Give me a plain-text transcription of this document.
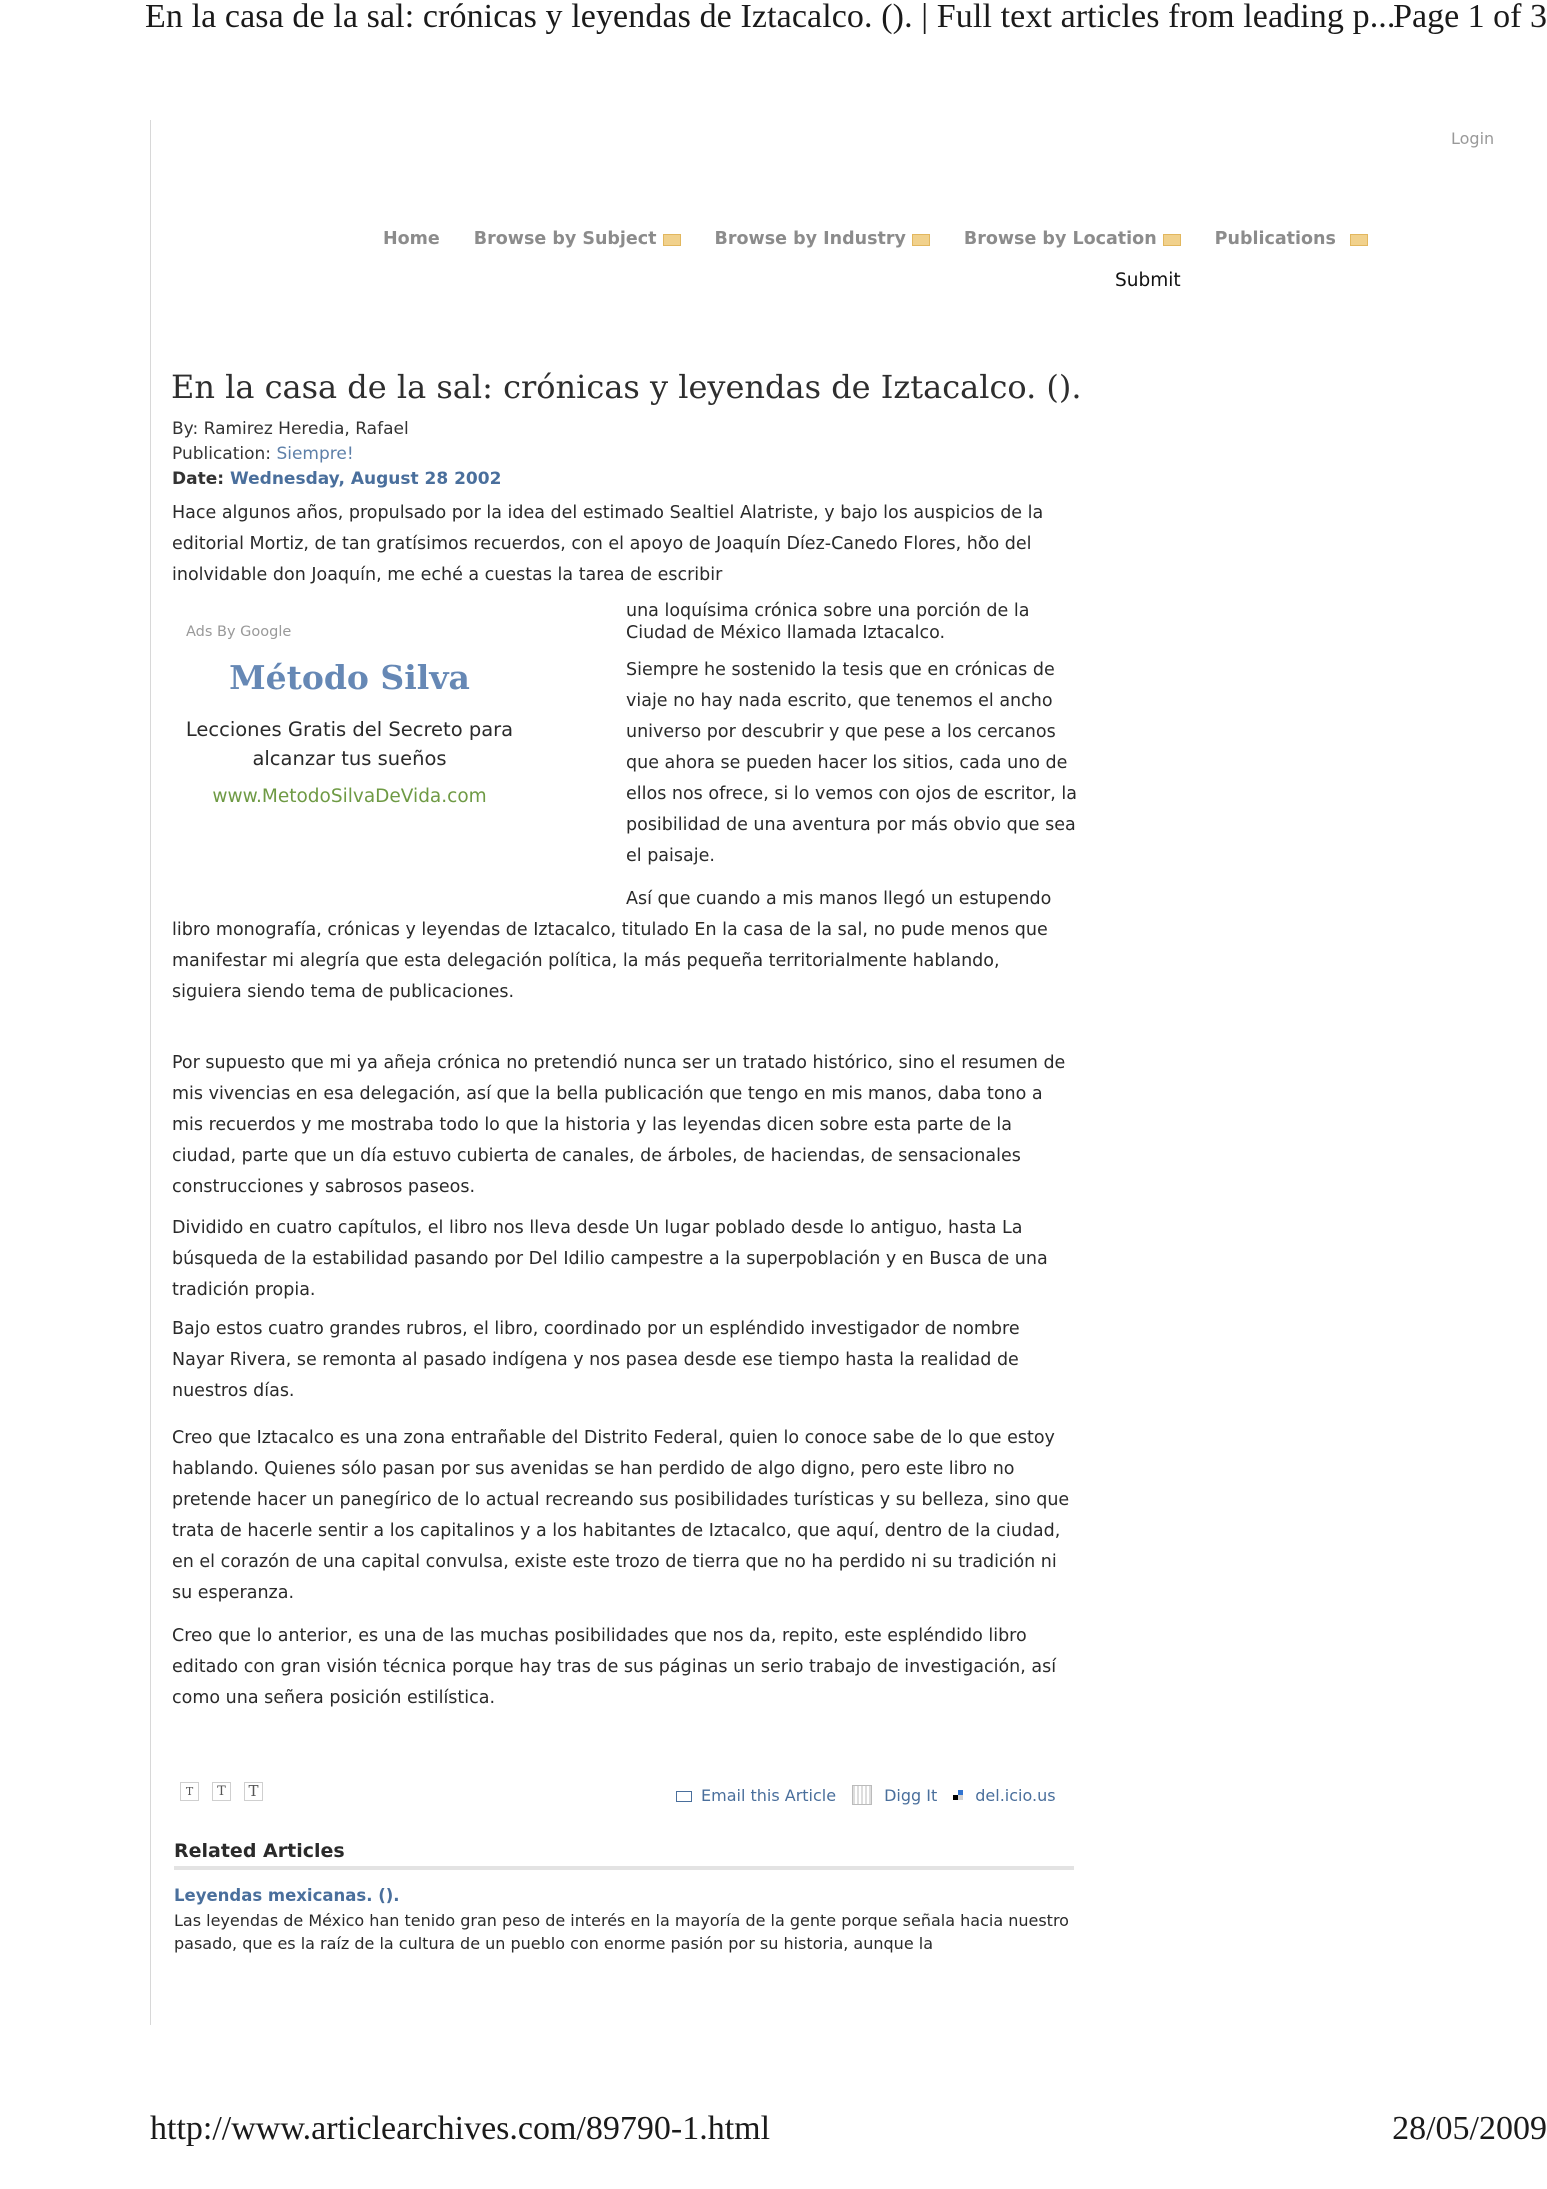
En la casa de la sal: crónicas y leyendas de Iztacalco. (). | Full text articles from leading p...
Page 1 of 3
Login
Home Browse by Subject	Browse by Industry	Browse by Location	Publications
Submit
En la casa de la sal: crónicas y leyendas de Iztacalco. ().
By: Ramirez Heredia, Rafael
Publication: Siempre!
Date: Wednesday, August 28 2002

Hace algunos años, propulsado por la idea del estimado Sealtiel Alatriste, y bajo los auspicios de la editorial Mortiz, de tan gratísimos recuerdos, con el apoyo de Joaquín Díez-Canedo Flores, hðo del inolvidable don Joaquín, me eché a cuestas la tarea de escribir

una loquísima crónica sobre una porción de la Ciudad de México llamada Iztacalco.

Siempre he sostenido la tesis que en crónicas de viaje no hay nada escrito, que tenemos el ancho universo por descubrir y que pese a los cercanos que ahora se pueden hacer los sitios, cada uno de ellos nos ofrece, si lo vemos con ojos de escritor, la posibilidad de una aventura por más obvio que sea el paisaje.

Así que cuando a mis manos llegó un estupendo libro monografía, crónicas y leyendas de Iztacalco, titulado En la casa de la sal, no pude menos que manifestar mi alegría que esta delegación política, la más pequeña territorialmente hablando, siguiera siendo tema de publicaciones.

Por supuesto que mi ya añeja crónica no pretendió nunca ser un tratado histórico, sino el resumen de mis vivencias en esa delegación, así que la bella publicación que tengo en mis manos, daba tono a mis recuerdos y me mostraba todo lo que la historia y las leyendas dicen sobre esta parte de la ciudad, parte que un día estuvo cubierta de canales, de árboles, de haciendas, de sensacionales construcciones y sabrosos paseos.

Dividido en cuatro capítulos, el libro nos lleva desde Un lugar poblado desde lo antiguo, hasta La búsqueda de la estabilidad pasando por Del Idilio campestre a la superpoblación y en Busca de una tradición propia.

Bajo estos cuatro grandes rubros, el libro, coordinado por un espléndido investigador de nombre Nayar Rivera, se remonta al pasado indígena y nos pasea desde ese tiempo hasta la realidad de nuestros días.

Creo que Iztacalco es una zona entrañable del Distrito Federal, quien lo conoce sabe de lo que estoy hablando. Quienes sólo pasan por sus avenidas se han perdido de algo digno, pero este libro no pretende hacer un panegírico de lo actual recreando sus posibilidades turísticas y su belleza, sino que trata de hacerle sentir a los capitalinos y a los habitantes de Iztacalco, que aquí, dentro de la ciudad, en el corazón de una capital convulsa, existe este trozo de tierra que no ha perdido ni su tradición ni su esperanza.

Creo que lo anterior, es una de las muchas posibilidades que nos da, repito, este espléndido libro editado con gran visión técnica porque hay tras de sus páginas un serio trabajo de investigación, así como una señera posición estilística.

Ads By Google
Método Silva
Lecciones Gratis del Secreto para alcanzar tus sueños
www.MetodoSilvaDeVida.com
T	T	T	Email this Article	Digg It del.icio.us
Related Articles
Leyendas mexicanas. ().

Las leyendas de México han tenido gran peso de interés en la mayoría de la gente porque señala hacia nuestro pasado, que es la raíz de la cultura de un pueblo con enorme pasión por su historia, aunque la

http://www.articlearchives.com/89790-1.html	28/05/2009
